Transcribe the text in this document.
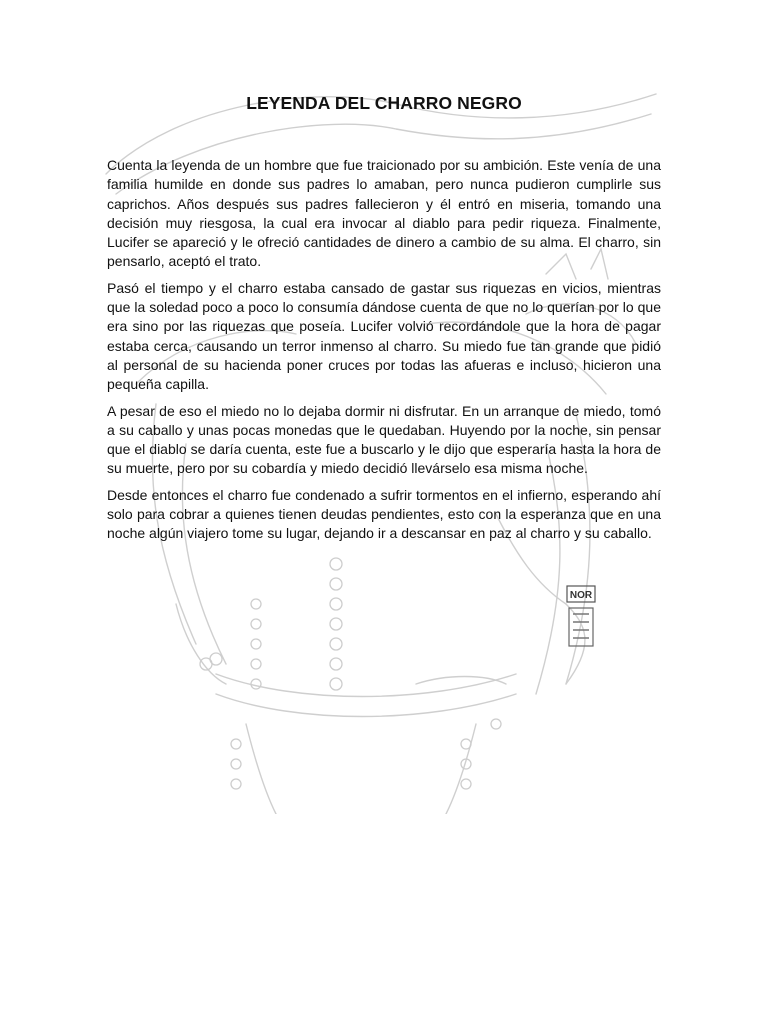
LEYENDA DEL CHARRO NEGRO

Cuenta la leyenda de un hombre que fue traicionado por su ambición. Este venía de una familia humilde en donde sus padres lo amaban, pero nunca pudieron cumplirle sus caprichos. Años después sus padres fallecieron y él entró en miseria, tomando una decisión muy riesgosa, la cual era invocar al diablo para pedir riqueza. Finalmente, Lucifer se apareció y le ofreció cantidades de dinero a cambio de su alma. El charro, sin pensarlo, aceptó el trato.

Pasó el tiempo y el charro estaba cansado de gastar sus riquezas en vicios, mientras que la soledad poco a poco lo consumía dándose cuenta de que no lo querían por lo que era sino por las riquezas que poseía. Lucifer volvió recordándole que la hora de pagar estaba cerca, causando un terror inmenso al charro. Su miedo fue tan grande que pidió al personal de su hacienda poner cruces por todas las afueras e incluso, hicieron una pequeña capilla.

A pesar de eso el miedo no lo dejaba dormir ni disfrutar. En un arranque de miedo, tomó a su caballo y unas pocas monedas que le quedaban. Huyendo por la noche, sin pensar que el diablo se daría cuenta, este fue a buscarlo y le dijo que esperaría hasta la hora de su muerte, pero por su cobardía y miedo decidió llevárselo esa misma noche.

Desde entonces el charro fue condenado a sufrir tormentos en el infierno, esperando ahí solo para cobrar a quienes tienen deudas pendientes, esto con la esperanza que en una noche algún viajero tome su lugar, dejando ir a descansar en paz al charro y su caballo.

NOR
